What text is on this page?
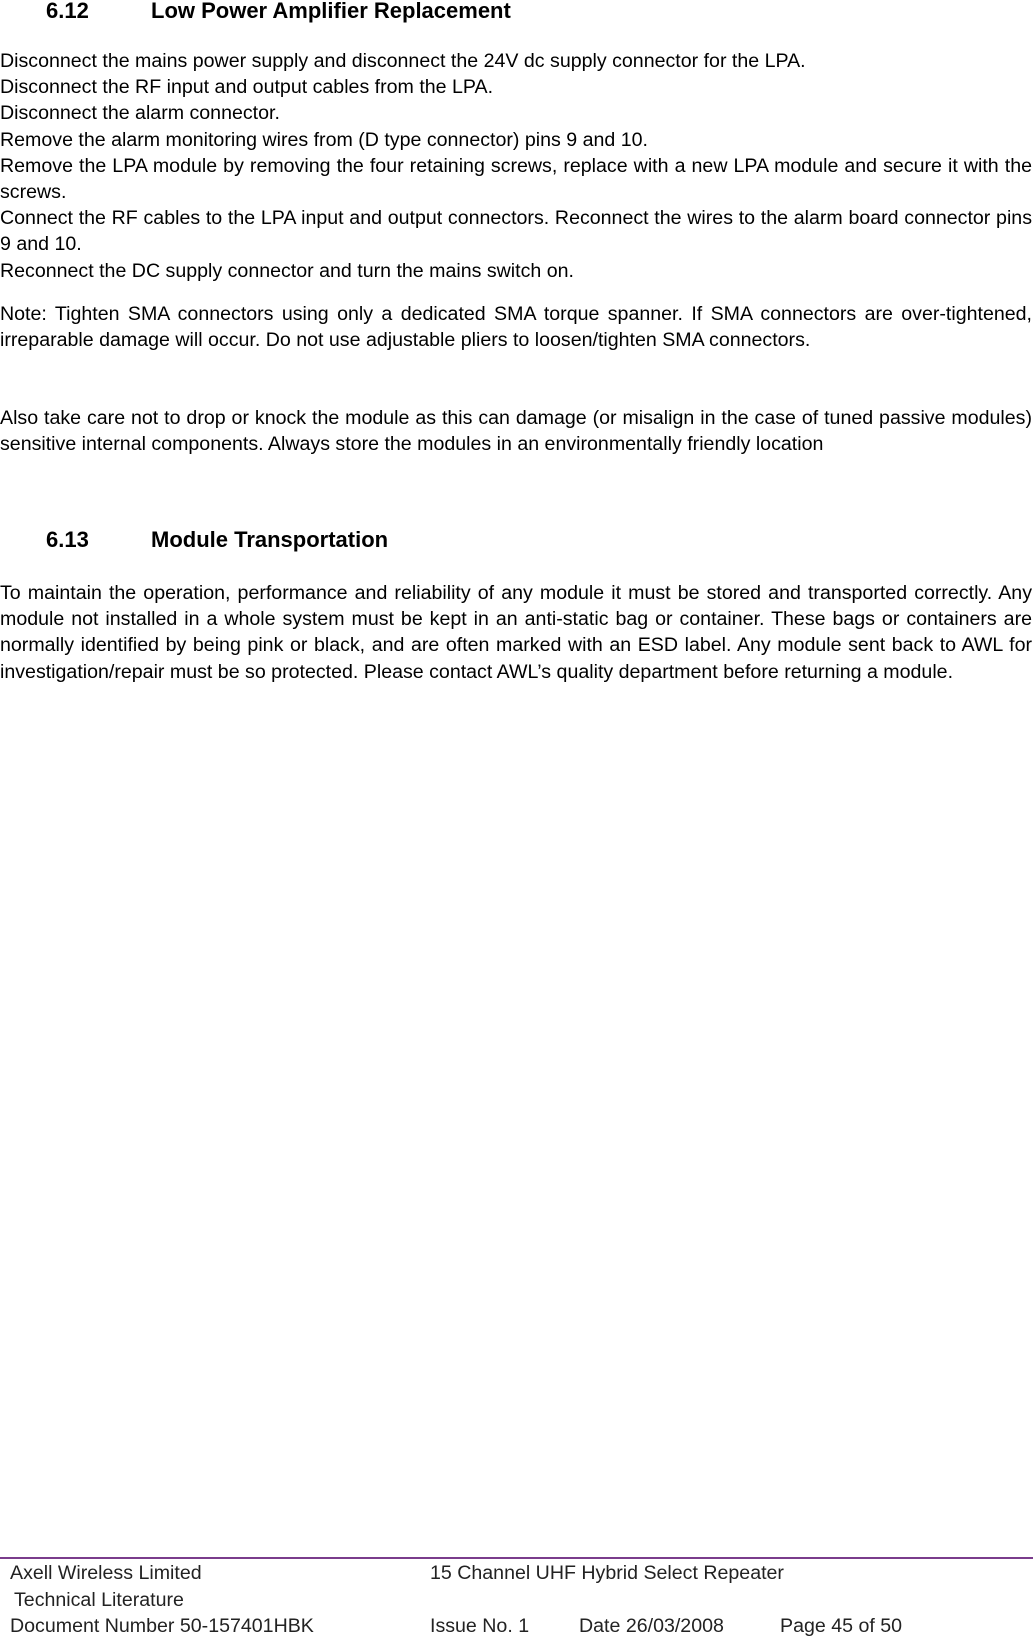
6.12	Low Power Amplifier Replacement

Disconnect the mains power supply and disconnect the 24V dc supply connector for the LPA.

Disconnect the RF input and output cables from the LPA.

Disconnect the alarm connector.

Remove the alarm monitoring wires from (D type connector) pins 9 and 10.

Remove the LPA module by removing the four retaining screws, replace with a new LPA module and secure it with the screws.

Connect the RF cables to the LPA input and output connectors. Reconnect the wires to the alarm board connector pins 9 and 10.

Reconnect the DC supply connector and turn the mains switch on.

Note: Tighten SMA connectors using only a dedicated SMA torque spanner. If SMA connectors are over-tightened, irreparable damage will occur. Do not use adjustable pliers to loosen/tighten SMA connectors.

Also take care not to drop or knock the module as this can damage (or misalign in the case of tuned passive modules) sensitive internal components. Always store the modules in an environmentally friendly location

6.13	Module Transportation

To maintain the operation, performance and reliability of any module it must be stored and transported correctly. Any module not installed in a whole system must be kept in an anti-static bag or container. These bags or containers are normally identified by being pink or black, and are often marked with an ESD label. Any module sent back to AWL for investigation/repair must be so protected. Please contact AWL’s quality department before returning a module.

Axell Wireless Limited	15 Channel UHF Hybrid Select Repeater
Technical Literature
Document Number 50-157401HBK	Issue No. 1	Date 26/03/2008	Page 45 of 50
